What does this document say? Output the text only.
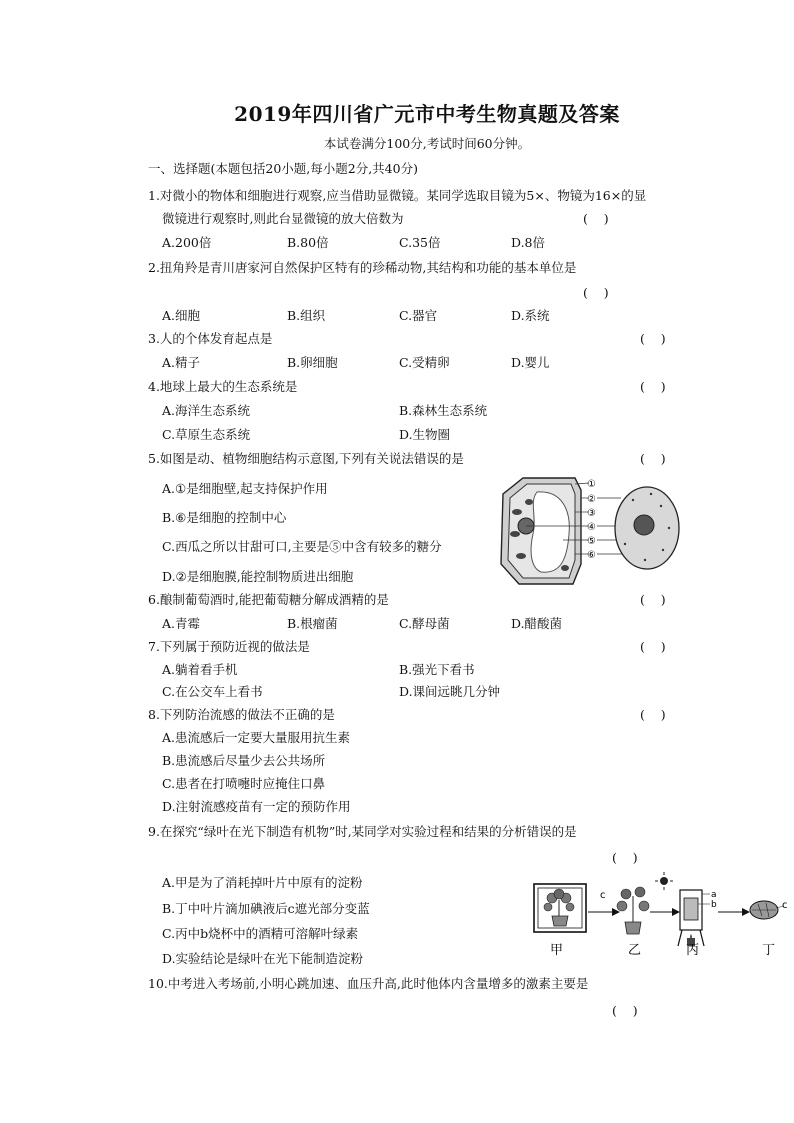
2019年四川省广元市中考生物真题及答案
本试卷满分100分,考试时间60分钟。
一、选择题(本题包括20小题,每小题2分,共40分)
1.对微小的物体和细胞进行观察,应当借助显微镜。某同学选取目镜为5×、物镜为16×的显
微镜进行观察时,则此台显微镜的放大倍数为	(    )
A.200倍	B.80倍	C.35倍	D.8倍
2.扭角羚是青川唐家河自然保护区特有的珍稀动物,其结构和功能的基本单位是
(    )
A.细胞	B.组织	C.器官	D.系统
3.人的个体发育起点是	(    )
A.精子	B.卵细胞	C.受精卵	D.婴儿
4.地球上最大的生态系统是	(    )
A.海洋生态系统	B.森林生态系统
C.草原生态系统	D.生物圈
5.如图是动、植物细胞结构示意图,下列有关说法错误的是	(    )
A.①是细胞壁,起支持保护作用
B.⑥是细胞的控制中心
C.西瓜之所以甘甜可口,主要是⑤中含有较多的糖分
D.②是细胞膜,能控制物质进出细胞
①
②
③
④
⑤
⑥
6.酿制葡萄酒时,能把葡萄糖分解成酒精的是	(    )
A.青霉	B.根瘤菌	C.酵母菌	D.醋酸菌
7.下列属于预防近视的做法是	(    )
A.躺着看手机	B.强光下看书
C.在公交车上看书	D.课间远眺几分钟
8.下列防治流感的做法不正确的是	(    )
A.患流感后一定要大量服用抗生素
B.患流感后尽量少去公共场所
C.患者在打喷嚏时应掩住口鼻
D.注射流感疫苗有一定的预防作用
9.在探究“绿叶在光下制造有机物”时,某同学对实验过程和结果的分析错误的是
(    )
A.甲是为了消耗掉叶片中原有的淀粉
B.丁中叶片滴加碘液后c遮光部分变蓝
C.丙中b烧杯中的酒精可溶解叶绿素
D.实验结论是绿叶在光下能制造淀粉
c	a
b	c
甲	乙	丙	丁
10.中考进入考场前,小明心跳加速、血压升高,此时他体内含量增多的激素主要是
(    )
